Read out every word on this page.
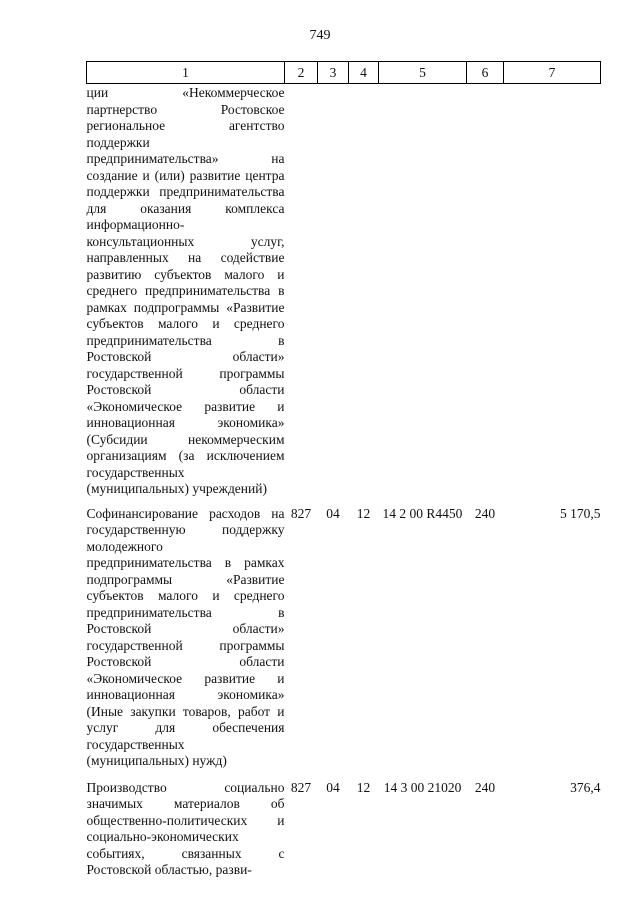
749
1	2	3	4	5	6	7
ции «Некоммерческое партнерство Ростовское региональное агентство поддержки предпринимательства» на создание и (или) развитие центра поддержки предпринимательства для оказания комплекса информационно-консультационных услуг, направленных на содействие развитию субъектов малого и среднего предпринимательства в рамках подпрограммы «Развитие субъектов малого и среднего предпринимательства в Ростовской области» государственной программы Ростовской области «Экономическое развитие и инновационная экономика» (Субсидии некоммерческим организациям (за исключением государственных (муниципальных) учреждений)						
Софинансирование расходов на государственную поддержку молодежного предпринимательства в рамках подпрограммы «Развитие субъектов малого и среднего предпринимательства в Ростовской области» государственной программы Ростовской области «Экономическое развитие и инновационная экономика» (Иные закупки товаров, работ и услуг для обеспечения государственных (муниципальных) нужд)	827	04	12	14 2 00 R4450	240	5 170,5
Производство социально значимых материалов об общественно-политических и социально-экономических событиях, связанных с Ростовской областью, разви-	827	04	12	14 3 00 21020	240	376,4
